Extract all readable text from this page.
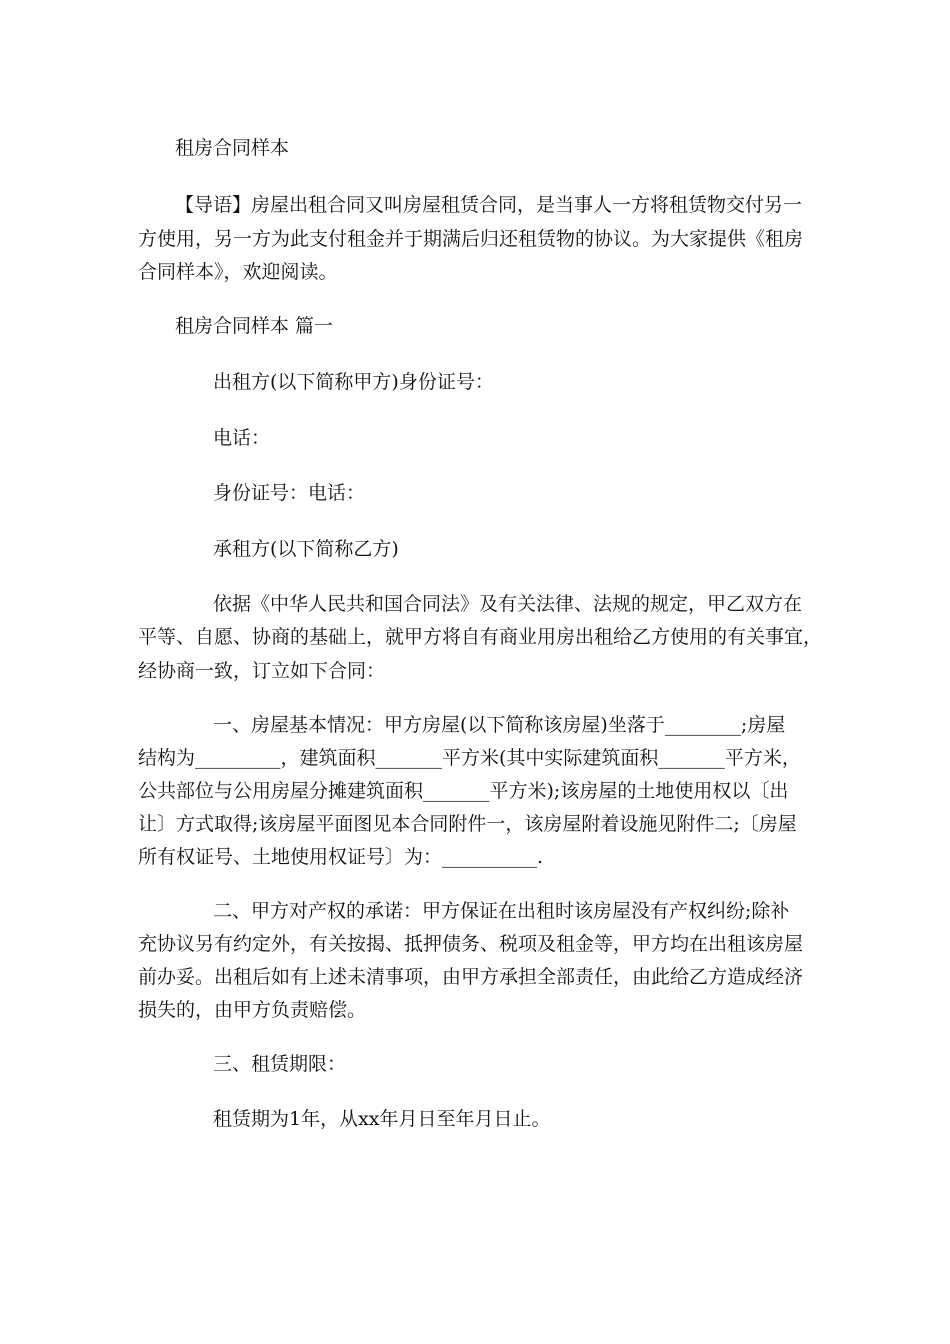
租房合同样本
【导语】房屋出租合同又叫房屋租赁合同，是当事人一方将租赁物交付另一
方使用，另一方为此支付租金并于期满后归还租赁物的协议。为大家提供《租房
合同样本》，欢迎阅读。
租房合同样本 篇一
出租方(以下简称甲方)身份证号：
电话：
身份证号：电话：
承租方(以下简称乙方)
依据《中华人民共和国合同法》及有关法律、法规的规定，甲乙双方在
平等、自愿、协商的基础上，就甲方将自有商业用房出租给乙方使用的有关事宜，
经协商一致，订立如下合同：
一、房屋基本情况：甲方房屋(以下简称该房屋)坐落于________;房屋
结构为_________，建筑面积_______平方米(其中实际建筑面积_______平方米，
公共部位与公用房屋分摊建筑面积_______平方米);该房屋的土地使用权以〔出
让〕方式取得;该房屋平面图见本合同附件一，该房屋附着设施见附件二;〔房屋
所有权证号、土地使用权证号〕为：__________.
二、甲方对产权的承诺：甲方保证在出租时该房屋没有产权纠纷;除补
充协议另有约定外，有关按揭、抵押债务、税项及租金等，甲方均在出租该房屋
前办妥。出租后如有上述未清事项，由甲方承担全部责任，由此给乙方造成经济
损失的，由甲方负责赔偿。
三、租赁期限：
租赁期为1年，从xx年月日至年月日止。
